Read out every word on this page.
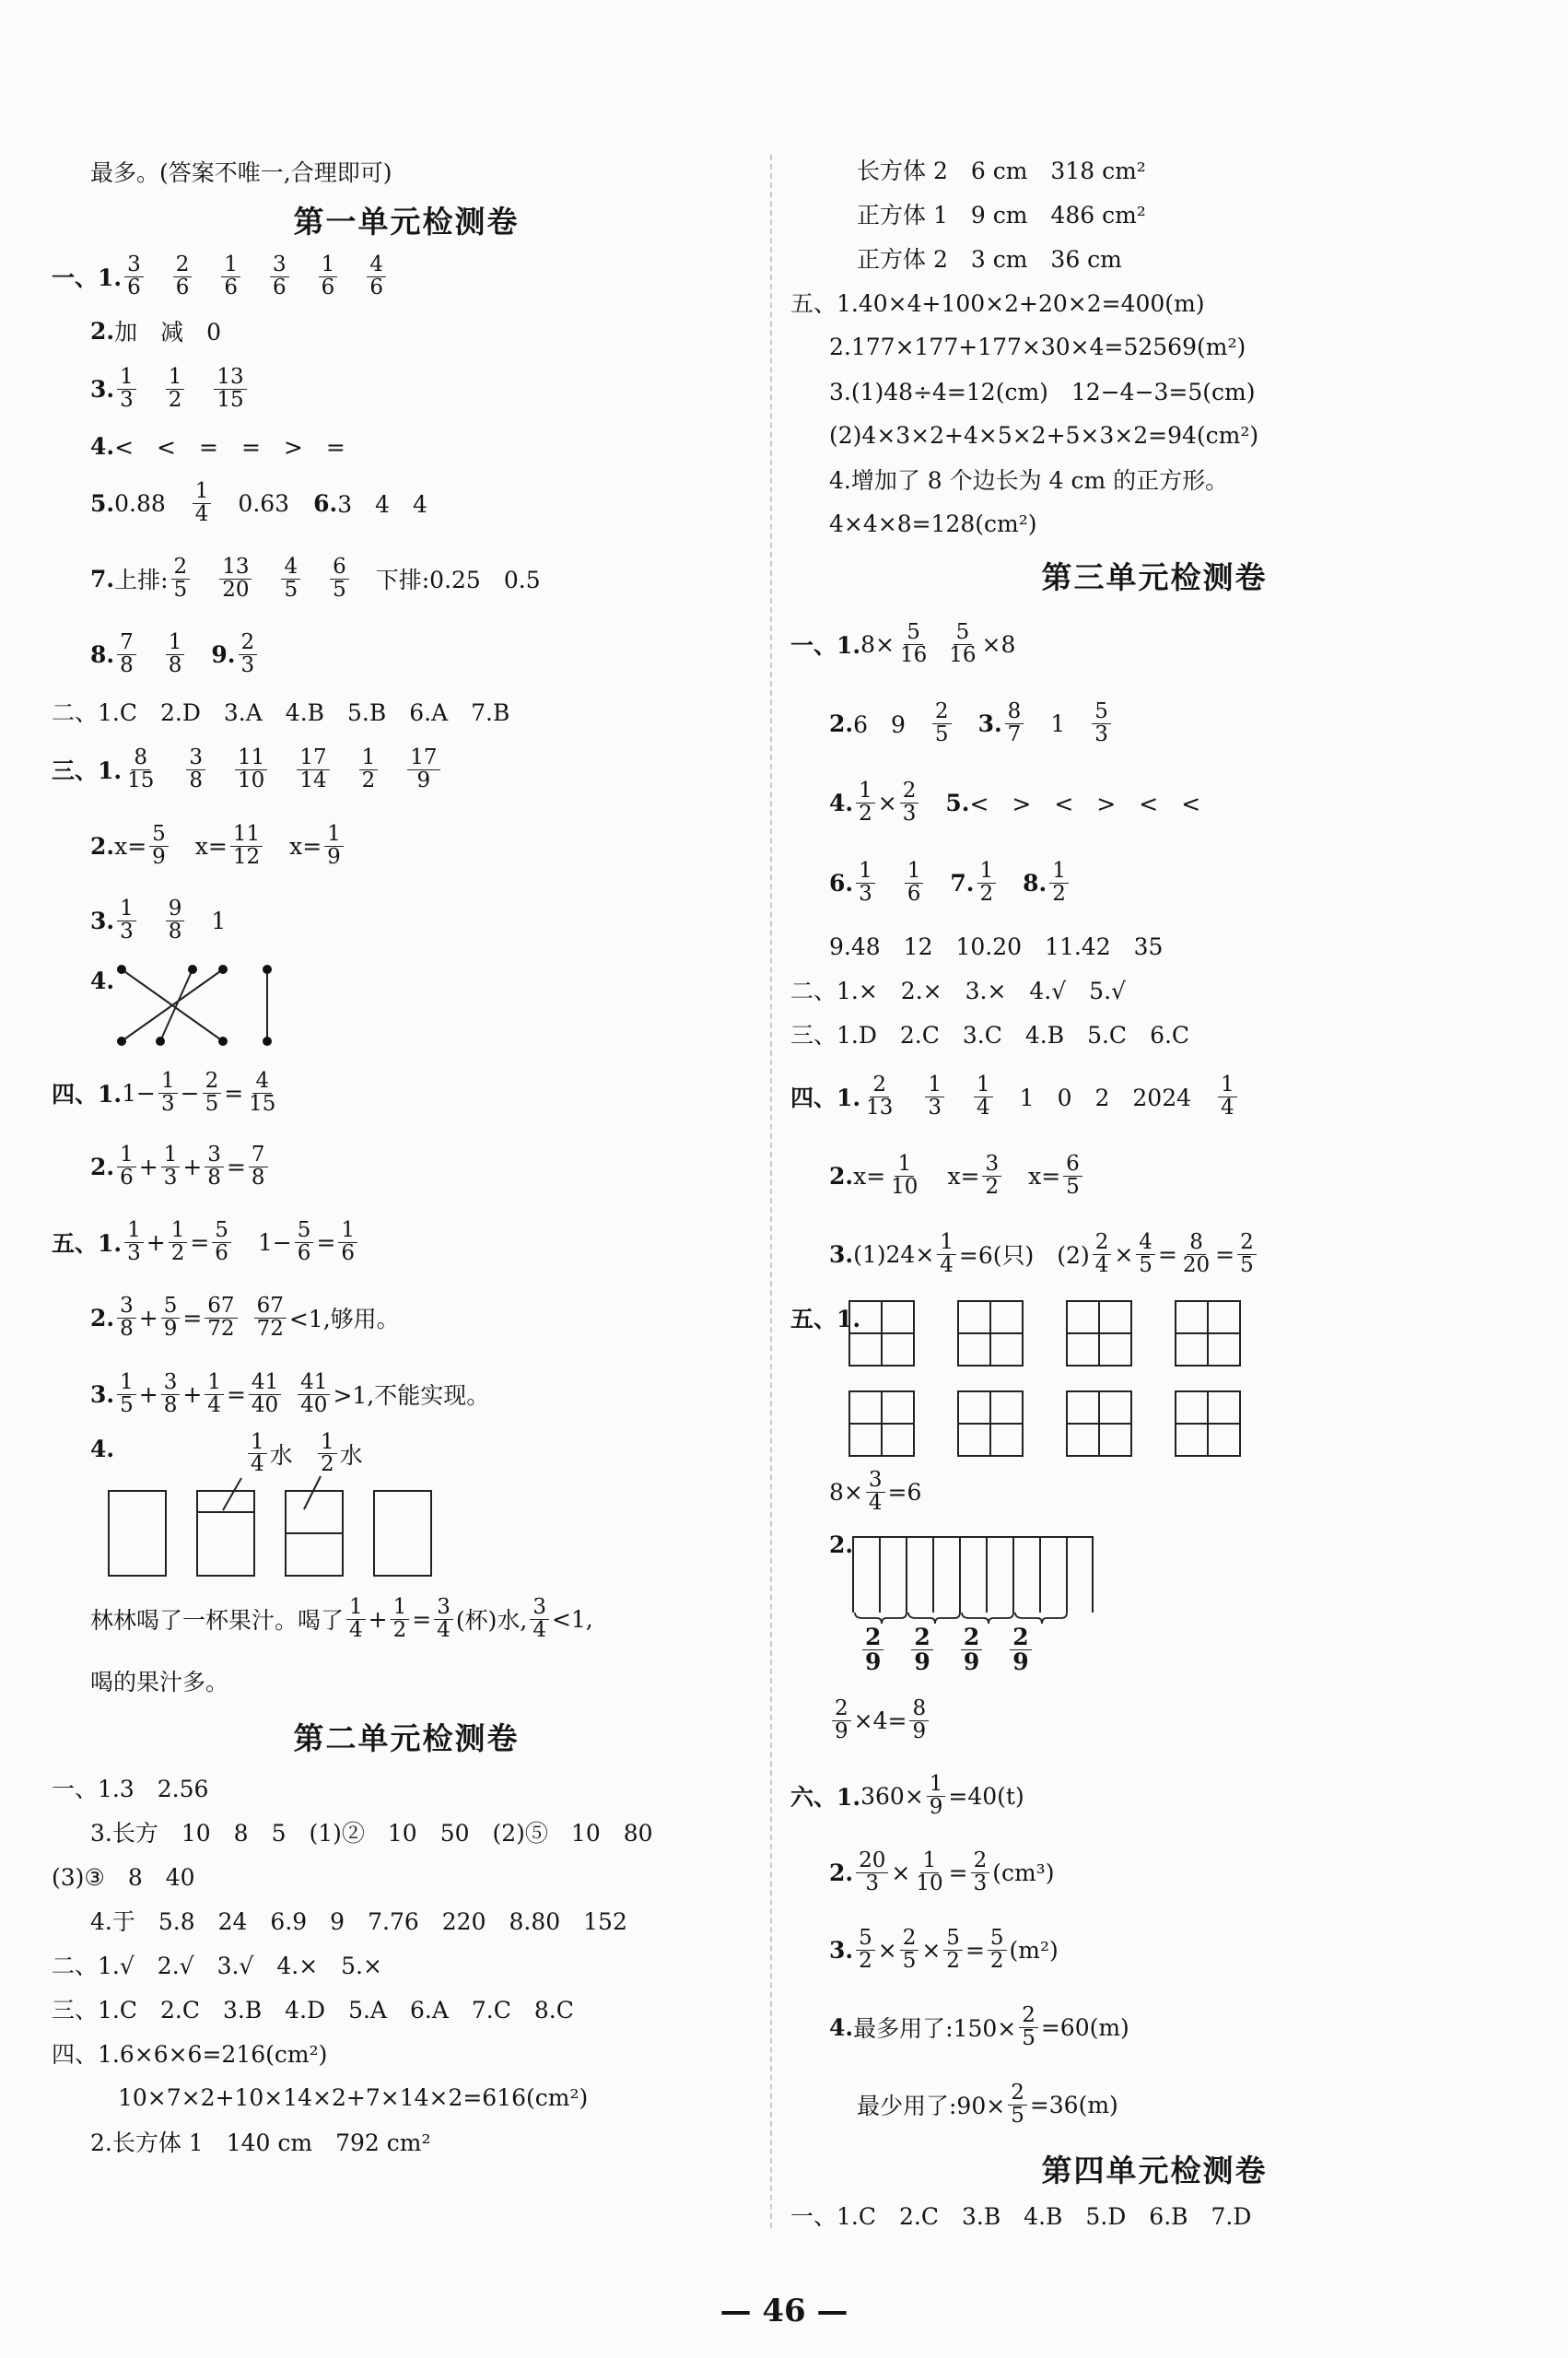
最多。(答案不唯一,合理即可)
第一单元检测卷
一、1. $\frac{3}{6} \frac{2}{6} \frac{1}{6} \frac{3}{6} \frac{1}{6} \frac{4}{6}$
2. 加　减　0
3. $\frac{1}{3} \frac{1}{2} \frac{13}{15}$
4. <　<　=　=　>　=
5. $0.88 \frac{1}{4} 0.63$ 6. 3　4　4
7. 上排: $\frac{2}{5} \frac{13}{20} \frac{4}{5} \frac{6}{5}$ 下排:0.25　0.5
8. $\frac{7}{8} \frac{1}{8} 9$. $\frac{2}{3}$
二、1.C　2.D　3.A　4.B　5.B　6.A　7.B
三、1. $\frac{8}{15} \frac{3}{8} \frac{11}{10} \frac{17}{14} \frac{1}{2} \frac{17}{9}$
2. $x= \frac{5}{9} x= \frac{11}{12} x= \frac{1}{9}$
3. $\frac{1}{3} \frac{9}{8} 1$
4.
四、1. $1- \frac{1}{3} - \frac{2}{5} = \frac{4}{15}$
2. $\frac{1}{6} + \frac{1}{3} + \frac{3}{8} = \frac{7}{8}$
五、1. $\frac{1}{3} + \frac{1}{2} = \frac{5}{6} 1- \frac{5}{6} = \frac{1}{6}$
2. $\frac{3}{8} + \frac{5}{9} = \frac{67}{72} \frac{67}{72} <1$,够用。
3. $\frac{1}{5} + \frac{3}{8} + \frac{1}{4} = \frac{41}{40} \frac{41}{40} >1$,不能实现。
4.	$\frac{1}{4}$ 水 $\frac{1}{2}$ 水
林林喝了一杯果汁。喝了 $\frac{1}{4} + \frac{1}{2} = \frac{3}{4}$ (杯)水, $\frac{3}{4} <1$,
喝的果汁多。
第二单元检测卷
一、1.3　2.56
3.长方　10　8　5　(1)②　10　50　(2)⑤　10　80
(3)③　8　40
4.于　5.8　24　6.9　9　7.76　220　8.80　152
二、1.√　2.√　3.√　4.×　5.×
三、1.C　2.C　3.B　4.D　5.A　6.A　7.C　8.C
四、1.6×6×6=216(cm²)
10×7×2+10×14×2+7×14×2=616(cm²)
2.长方体 1　140 cm　792 cm²
长方体 2　6 cm　318 cm²
正方体 1　9 cm　486 cm²
正方体 2　3 cm　36 cm
五、1.40×4+100×2+20×2=400(m)
2.177×177+177×30×4=52569(m²)
3.(1)48÷4=12(cm)　12−4−3=5(cm)
(2)4×3×2+4×5×2+5×3×2=94(cm²)
4.增加了 8 个边长为 4 cm 的正方形。
4×4×8=128(cm²)
第三单元检测卷
一、1. $8\times \frac{5}{16} \frac{5}{16} \times 8$
2. 6　$9 \frac{2}{5} 3$. $\frac{8}{7} 1 \frac{5}{3}$
4. $\frac{1}{2} \times \frac{2}{3} 5$. <　>　<　>　<　<
6. $\frac{1}{3} \frac{1}{6} 7$. $\frac{1}{2} 8$. $\frac{1}{2}$
9.48　12　10.20　11.42　35
二、1.×　2.×　3.×　4.√　5.√
三、1.D　2.C　3.C　4.B　5.C　6.C
四、1. $\frac{2}{13} \frac{1}{3} \frac{1}{4} 1$　0　2　$2024 \frac{1}{4}$
2. $x= \frac{1}{10} x= \frac{3}{2} x= \frac{6}{5}$
3. $(1)24\times \frac{1}{4} =6$(只)　$(2) \frac{2}{4} \times \frac{4}{5} = \frac{8}{20} = \frac{2}{5}$
五、1.
$8\times \frac{3}{4} =6$
2.
$\frac{2}{9} \frac{2}{9} \frac{2}{9} \frac{2}{9}$
$\frac{2}{9} \times 4= \frac{8}{9}$
六、1. $360\times \frac{1}{9} =40(t)$
2. $\frac{20}{3} \times \frac{1}{10} = \frac{2}{3} (cm^3)$
3. $\frac{5}{2} \times \frac{2}{5} \times \frac{5}{2} = \frac{5}{2} (m^2)$
4. 最多用了:150× $\frac{2}{5} =60(m)$
最少用了:90× $\frac{2}{5} =36(m)$
第四单元检测卷
一、1.C　2.C　3.B　4.B　5.D　6.B　7.D
— 46 —
